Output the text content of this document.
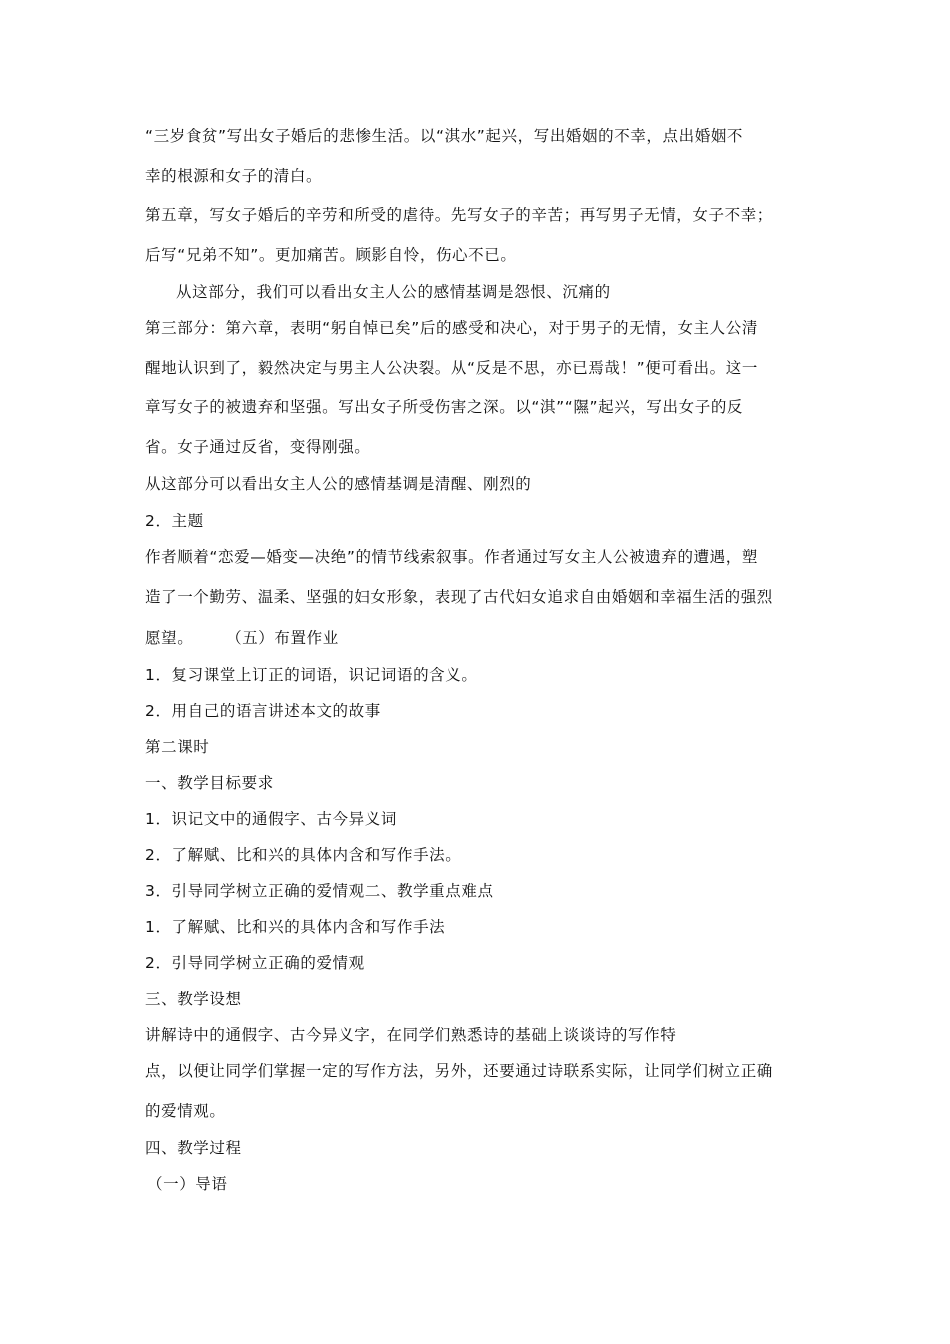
“三岁食贫”写出女子婚后的悲惨生活。以“淇水”起兴，写出婚姻的不幸，点出婚姻不
幸的根源和女子的清白。
第五章，写女子婚后的辛劳和所受的虐待。先写女子的辛苦；再写男子无情，女子不幸；
后写“兄弟不知”。更加痛苦。顾影自怜，伤心不已。
从这部分，我们可以看出女主人公的感情基调是怨恨、沉痛的
第三部分：第六章，表明“躬自悼已矣”后的感受和决心，对于男子的无情，女主人公清
醒地认识到了，毅然决定与男主人公决裂。从“反是不思，亦已焉哉！”便可看出。这一
章写女子的被遗弃和坚强。写出女子所受伤害之深。以“淇”“隰”起兴，写出女子的反
省。女子通过反省，变得刚强。
从这部分可以看出女主人公的感情基调是清醒、刚烈的
2．主题
作者顺着“恋爱—婚变—决绝”的情节线索叙事。作者通过写女主人公被遗弃的遭遇，塑
造了一个勤劳、温柔、坚强的妇女形象，表现了古代妇女追求自由婚姻和幸福生活的强烈
愿望。　　　（五）布置作业
1．复习课堂上订正的词语，识记词语的含义。
2．用自己的语言讲述本文的故事
第二课时
一、教学目标要求
1．识记文中的通假字、古今异义词
2．了解赋、比和兴的具体内含和写作手法。
3．引导同学树立正确的爱情观二、教学重点难点
1．了解赋、比和兴的具体内含和写作手法
2．引导同学树立正确的爱情观
三、教学设想
讲解诗中的通假字、古今异义字，在同学们熟悉诗的基础上谈谈诗的写作特
点，以便让同学们掌握一定的写作方法，另外，还要通过诗联系实际，让同学们树立正确
的爱情观。
四、教学过程
（一）导语
